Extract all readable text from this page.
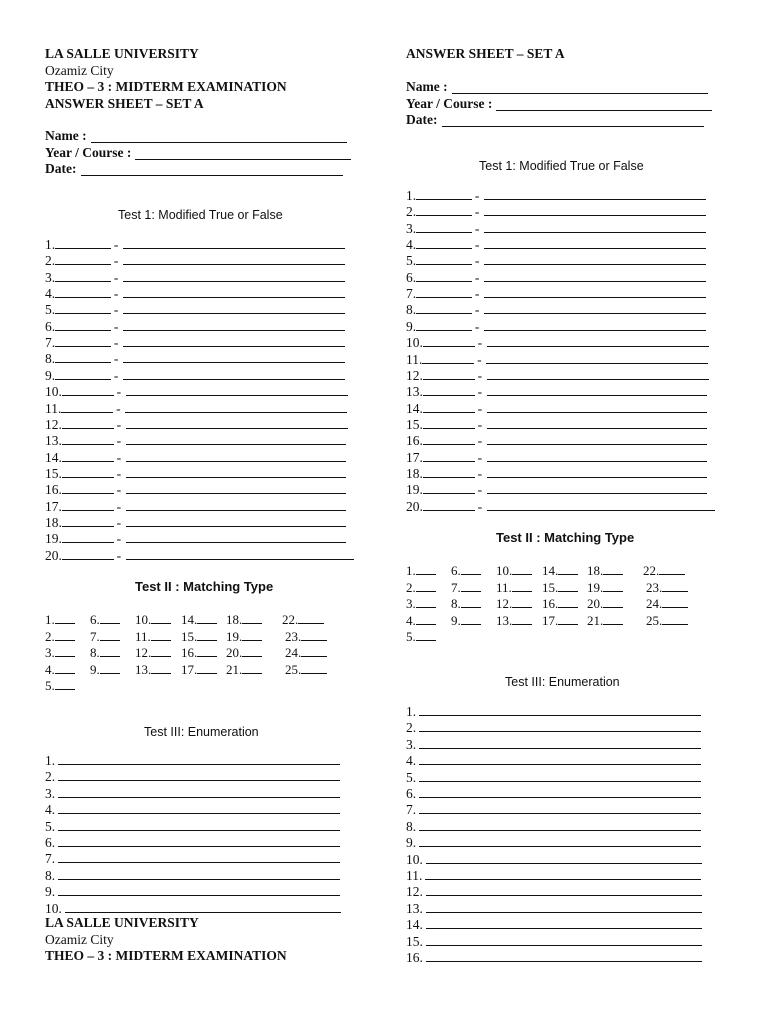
LA SALLE UNIVERSITY
Ozamiz City
THEO – 3 : MIDTERM EXAMINATION
ANSWER SHEET – SET A
Name :
Year / Course :
Date:
Test 1: Modified True or False
1.	-
2.	-
3.	-
4.	-
5.	-
6.	-
7.	-
8.	-
9.	-
10.	-
11.	-
12.	-
13.	-
14.	-
15.	-
16.	-
17.	-
18.	-
19.	-
20.	-
Test II : Matching Type
1.	6.	10.	14.	18.	22.
2.	7.	11.	15.	19.	23.
3.	8.	12.	16.	20.	24.
4.	9.	13.	17.	21.	25.
5.
Test III: Enumeration
1.
2.
3.
4.
5.
6.
7.
8.
9.
10.
LA SALLE UNIVERSITY
Ozamiz City
THEO – 3 : MIDTERM EXAMINATION
ANSWER SHEET – SET A
Name :
Year / Course :
Date:
Test 1: Modified True or False
1.	-
2.	-
3.	-
4.	-
5.	-
6.	-
7.	-
8.	-
9.	-
10.	-
11.	-
12.	-
13.	-
14.	-
15.	-
16.	-
17.	-
18.	-
19.	-
20.	-
Test II : Matching Type
1.	6.	10.	14.	18.	22.
2.	7.	11.	15.	19.	23.
3.	8.	12.	16.	20.	24.
4.	9.	13.	17.	21.	25.
5.
Test III: Enumeration
1.
2.
3.
4.
5.
6.
7.
8.
9.
10.
11.
12.
13.
14.
15.
16.
